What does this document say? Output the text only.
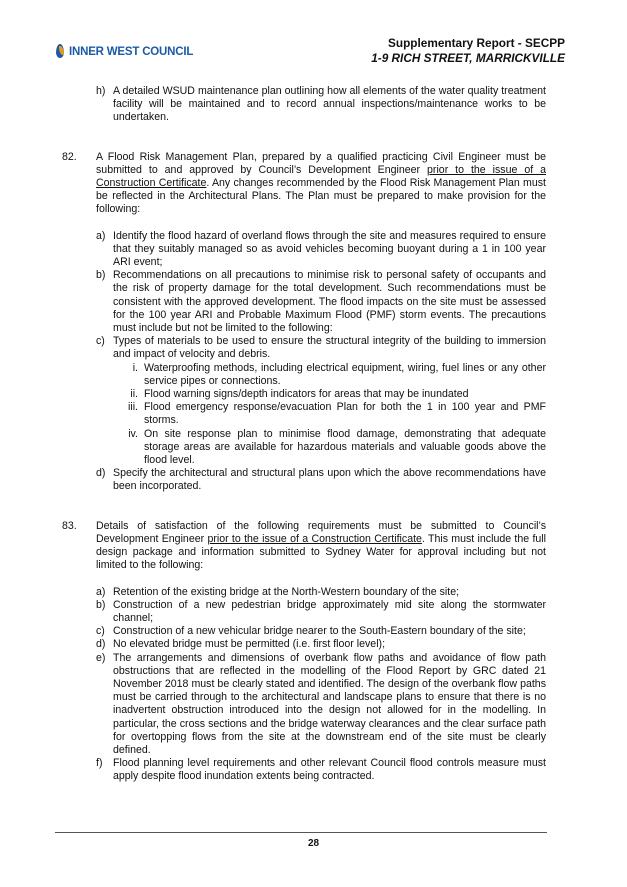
INNER WEST COUNCIL
Supplementary Report - SECPP
1-9 RICH STREET, MARRICKVILLE
h) A detailed WSUD maintenance plan outlining how all elements of the water quality treatment facility will be maintained and to record annual inspections/maintenance works to be undertaken.
82.	A Flood Risk Management Plan, prepared by a qualified practicing Civil Engineer must be submitted to and approved by Council’s Development Engineer prior to the issue of a Construction Certificate. Any changes recommended by the Flood Risk Management Plan must be reflected in the Architectural Plans. The Plan must be prepared to make provision for the following:
a) Identify the flood hazard of overland flows through the site and measures required to ensure that they suitably managed so as avoid vehicles becoming buoyant during a 1 in 100 year ARI event;
b) Recommendations on all precautions to minimise risk to personal safety of occupants and the risk of property damage for the total development. Such recommendations must be consistent with the approved development. The flood impacts on the site must be assessed for the 100 year ARI and Probable Maximum Flood (PMF) storm events. The precautions must include but not be limited to the following:
c) Types of materials to be used to ensure the structural integrity of the building to immersion and impact of velocity and debris.
i. Waterproofing methods, including electrical equipment, wiring, fuel lines or any other service pipes or connections.
ii. Flood warning signs/depth indicators for areas that may be inundated
iii. Flood emergency response/evacuation Plan for both the 1 in 100 year and PMF storms.
iv. On site response plan to minimise flood damage, demonstrating that adequate storage areas are available for hazardous materials and valuable goods above the flood level.
d) Specify the architectural and structural plans upon which the above recommendations have been incorporated.
83.	Details of satisfaction of the following requirements must be submitted to Council’s Development Engineer prior to the issue of a Construction Certificate. This must include the full design package and information submitted to Sydney Water for approval including but not limited to the following:
a) Retention of the existing bridge at the North-Western boundary of the site;
b) Construction of a new pedestrian bridge approximately mid site along the stormwater channel;
c) Construction of a new vehicular bridge nearer to the South-Eastern boundary of the site;
d) No elevated bridge must be permitted (i.e. first floor level);
e) The arrangements and dimensions of overbank flow paths and avoidance of flow path obstructions that are reflected in the modelling of the Flood Report by GRC dated 21 November 2018 must be clearly stated and identified. The design of the overbank flow paths must be carried through to the architectural and landscape plans to ensure that there is no inadvertent obstruction introduced into the design not allowed for in the modelling. In particular, the cross sections and the bridge waterway clearances and the clear surface path for overtopping flows from the site at the downstream end of the site must be clearly defined.
f) Flood planning level requirements and other relevant Council flood controls measure must apply despite flood inundation extents being contracted.
28
